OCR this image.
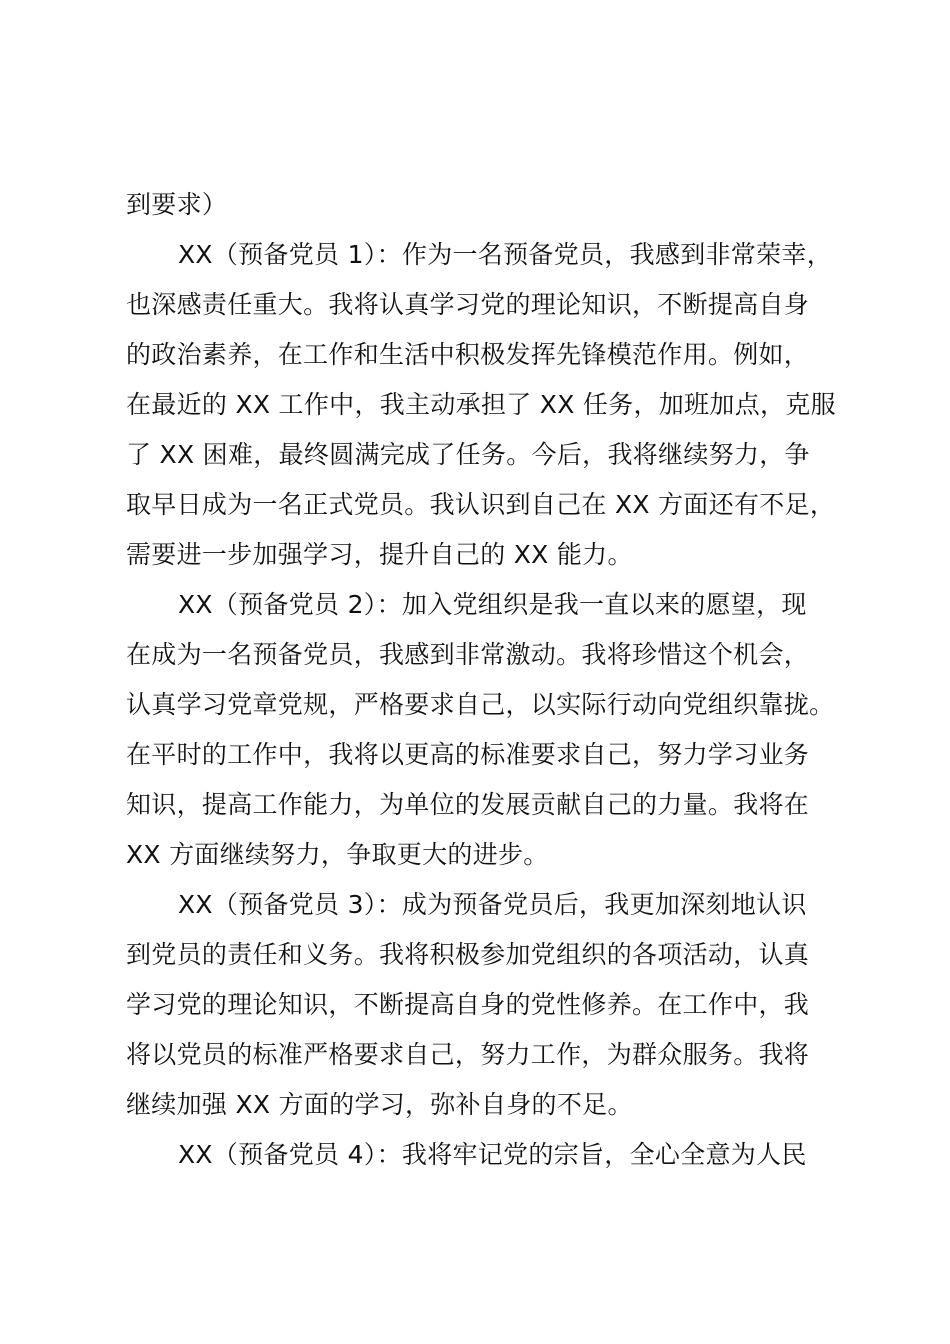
到要求）
XX（预备党员 1）：作为一名预备党员，我感到非常荣幸，
也深感责任重大。我将认真学习党的理论知识，不断提高自身
的政治素养，在工作和生活中积极发挥先锋模范作用。例如，
在最近的 XX 工作中，我主动承担了 XX 任务，加班加点，克服
了 XX 困难，最终圆满完成了任务。今后，我将继续努力，争
取早日成为一名正式党员。我认识到自己在 XX 方面还有不足，
需要进一步加强学习，提升自己的 XX 能力。
XX（预备党员 2）：加入党组织是我一直以来的愿望，现
在成为一名预备党员，我感到非常激动。我将珍惜这个机会，
认真学习党章党规，严格要求自己，以实际行动向党组织靠拢。
在平时的工作中，我将以更高的标准要求自己，努力学习业务
知识，提高工作能力，为单位的发展贡献自己的力量。我将在
XX 方面继续努力，争取更大的进步。
XX（预备党员 3）：成为预备党员后，我更加深刻地认识
到党员的责任和义务。我将积极参加党组织的各项活动，认真
学习党的理论知识，不断提高自身的党性修养。在工作中，我
将以党员的标准严格要求自己，努力工作，为群众服务。我将
继续加强 XX 方面的学习，弥补自身的不足。
XX（预备党员 4）：我将牢记党的宗旨，全心全意为人民
